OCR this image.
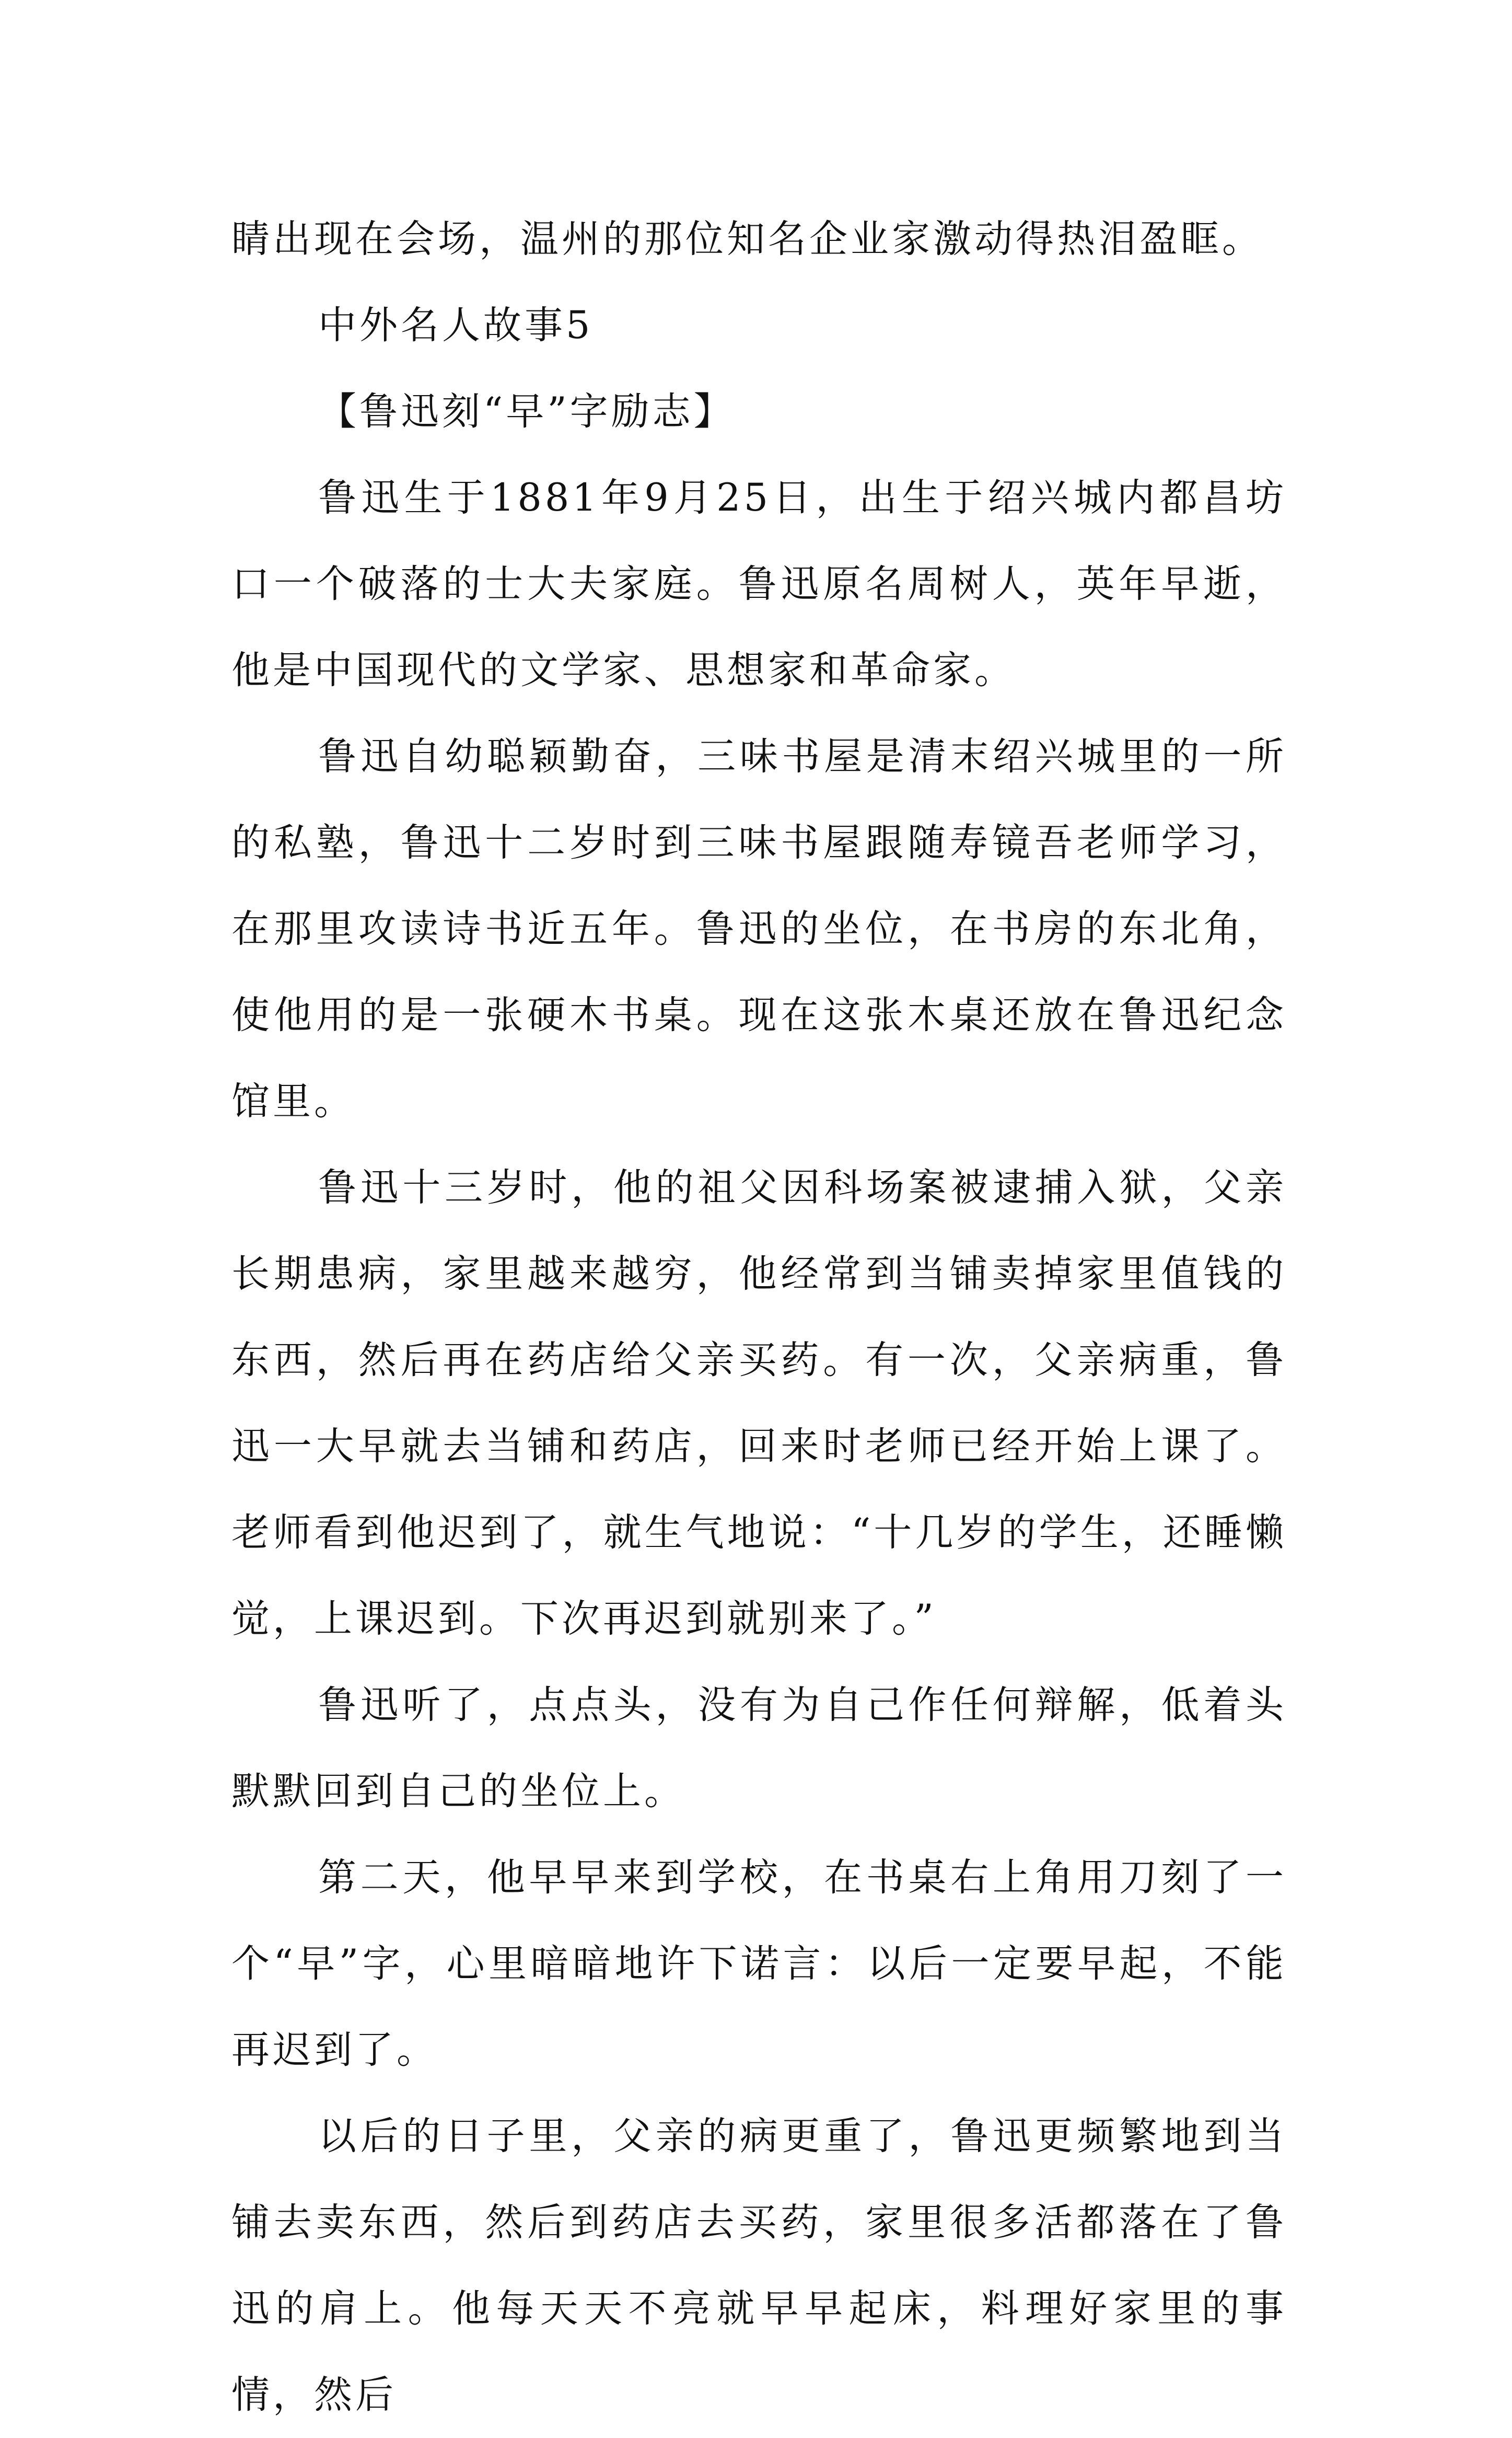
睛出现在会场，温州的那位知名企业家激动得热泪盈眶。

中外名人故事5

【鲁迅刻“早”字励志】

鲁迅生于1881年9月25日，出生于绍兴城内都昌坊口一个破落的士大夫家庭。鲁迅原名周树人，英年早逝，他是中国现代的文学家、思想家和革命家。

鲁迅自幼聪颖勤奋，三味书屋是清末绍兴城里的一所的私塾，鲁迅十二岁时到三味书屋跟随寿镜吾老师学习，在那里攻读诗书近五年。鲁迅的坐位，在书房的东北角，使他用的是一张硬木书桌。现在这张木桌还放在鲁迅纪念馆里。

鲁迅十三岁时，他的祖父因科场案被逮捕入狱，父亲长期患病，家里越来越穷，他经常到当铺卖掉家里值钱的东西，然后再在药店给父亲买药。有一次，父亲病重，鲁迅一大早就去当铺和药店，回来时老师已经开始上课了。老师看到他迟到了，就生气地说：“十几岁的学生，还睡懒觉，上课迟到。下次再迟到就别来了。”

鲁迅听了，点点头，没有为自己作任何辩解，低着头默默回到自己的坐位上。

第二天，他早早来到学校，在书桌右上角用刀刻了一个“早”字，心里暗暗地许下诺言：以后一定要早起，不能再迟到了。

以后的日子里，父亲的病更重了，鲁迅更频繁地到当铺去卖东西，然后到药店去买药，家里很多活都落在了鲁迅的肩上。他每天天不亮就早早起床，料理好家里的事情，然后
